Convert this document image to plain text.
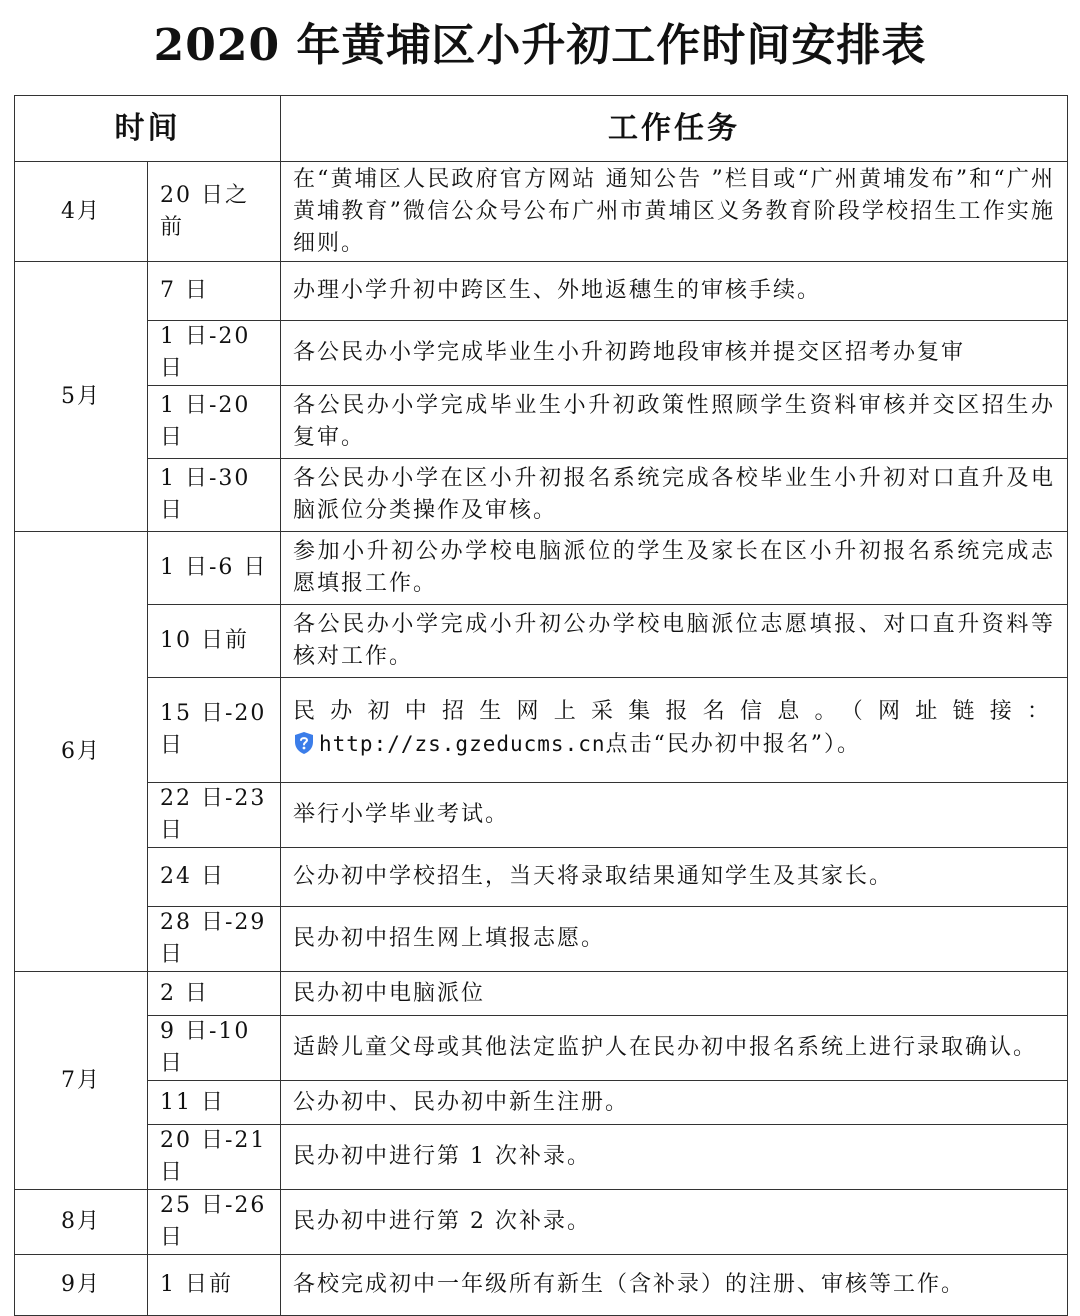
2020 年黄埔区小升初工作时间安排表
时间		工作任务
4月	20 日之前	在“黄埔区人民政府官方网站 通知公告 ”栏目或“广州黄埔发布”和“广州黄埔教育”微信公众号公布广州市黄埔区义务教育阶段学校招生工作实施细则。
5月	7 日	办理小学升初中跨区生、外地返穗生的审核手续。
	1 日-20 日	各公民办小学完成毕业生小升初跨地段审核并提交区招考办复审
	1 日-20 日	各公民办小学完成毕业生小升初政策性照顾学生资料审核并交区招生办复审。
	1 日-30 日	各公民办小学在区小升初报名系统完成各校毕业生小升初对口直升及电脑派位分类操作及审核。
6月	1 日-6 日	参加小升初公办学校电脑派位的学生及家长在区小升初报名系统完成志愿填报工作。
	10 日前	各公民办小学完成小升初公办学校电脑派位志愿填报、对口直升资料等核对工作。
	15 日-20 日	民办初中招生网上采集报名信息。（网址链接：
http://zs.gzeducms.cn点击“民办初中报名”）。

	22 日-23 日	举行小学毕业考试。
	24 日	公办初中学校招生，当天将录取结果通知学生及其家长。
	28 日-29 日	民办初中招生网上填报志愿。
7月	2 日	民办初中电脑派位
	9 日-10 日	适龄儿童父母或其他法定监护人在民办初中报名系统上进行录取确认。
	11 日	公办初中、民办初中新生注册。
	20 日-21 日	民办初中进行第 1 次补录。
8月	25 日-26 日	民办初中进行第 2 次补录。
9月	1 日前	各校完成初中一年级所有新生（含补录）的注册、审核等工作。
